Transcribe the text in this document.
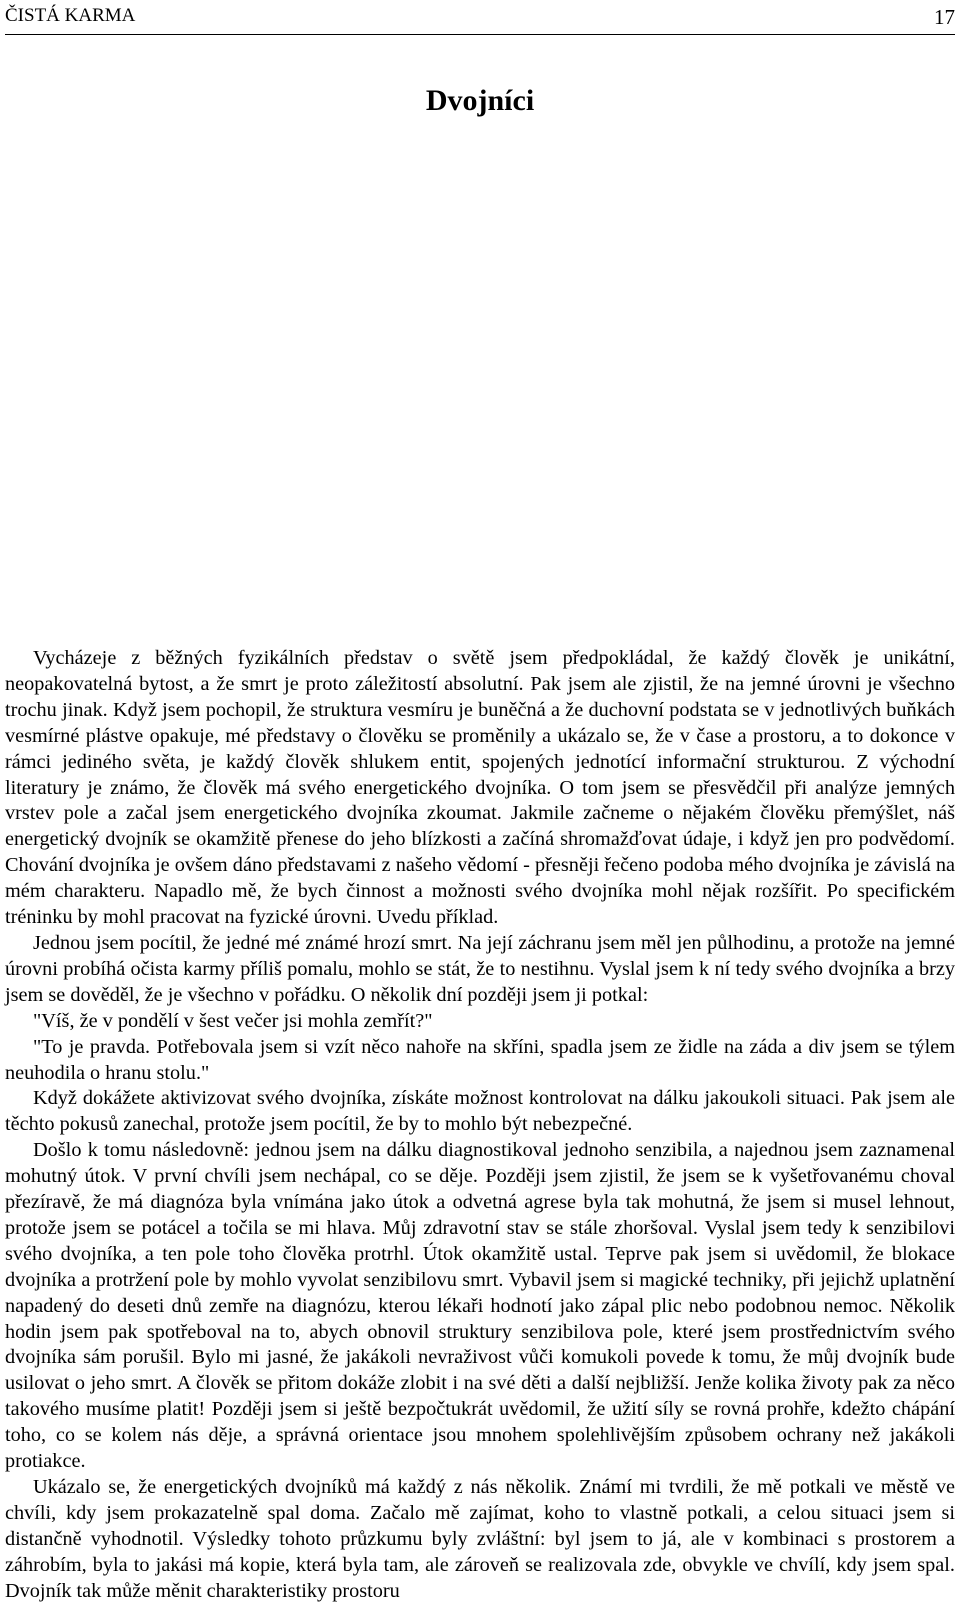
ČISTÁ KARMA	17
Dvojníci

Vycházeje z běžných fyzikálních představ o světě jsem předpokládal, že každý člověk je unikátní, neopakovatelná bytost, a že smrt je proto záležitostí absolutní. Pak jsem ale zjistil, že na jemné úrovni je všechno trochu jinak. Když jsem pochopil, že struktura vesmíru je buněčná a že duchovní podstata se v jednotlivých buňkách vesmírné plástve opakuje, mé představy o člověku se proměnily a ukázalo se, že v čase a prostoru, a to dokonce v rámci jediného světa, je každý člověk shlukem entit, spojených jednotící informační strukturou. Z východní literatury je známo, že člověk má svého energetického dvojníka. O tom jsem se přesvědčil při analýze jemných vrstev pole a začal jsem energetického dvojníka zkoumat. Jakmile začneme o nějakém člověku přemýšlet, náš energetický dvojník se okamžitě přenese do jeho blízkosti a začíná shromažďovat údaje, i když jen pro podvědomí. Chování dvojníka je ovšem dáno představami z našeho vědomí - přesněji řečeno podoba mého dvojníka je závislá na mém charakteru. Napadlo mě, že bych činnost a možnosti svého dvojníka mohl nějak rozšířit. Po specifickém tréninku by mohl pracovat na fyzické úrovni. Uvedu příklad.

Jednou jsem pocítil, že jedné mé známé hrozí smrt. Na její záchranu jsem měl jen půlhodinu, a protože na jemné úrovni probíhá očista karmy příliš pomalu, mohlo se stát, že to nestihnu. Vyslal jsem k ní tedy svého dvojníka a brzy jsem se dověděl, že je všechno v pořádku. O několik dní později jsem ji potkal:

"Víš, že v pondělí v šest večer jsi mohla zemřít?"

"To je pravda. Potřebovala jsem si vzít něco nahoře na skříni, spadla jsem ze židle na záda a div jsem se týlem neuhodila o hranu stolu."

Když dokážete aktivizovat svého dvojníka, získáte možnost kontrolovat na dálku jakoukoli situaci. Pak jsem ale těchto pokusů zanechal, protože jsem pocítil, že by to mohlo být nebezpečné.

Došlo k tomu následovně: jednou jsem na dálku diagnostikoval jednoho senzibila, a najednou jsem zaznamenal mohutný útok. V první chvíli jsem nechápal, co se děje. Později jsem zjistil, že jsem se k vyšetřovanému choval přezíravě, že má diagnóza byla vnímána jako útok a odvetná agrese byla tak mohutná, že jsem si musel lehnout, protože jsem se potácel a točila se mi hlava. Můj zdravotní stav se stále zhoršoval. Vyslal jsem tedy k senzibilovi svého dvojníka, a ten pole toho člověka protrhl. Útok okamžitě ustal. Teprve pak jsem si uvědomil, že blokace dvojníka a protržení pole by mohlo vyvolat senzibilovu smrt. Vybavil jsem si magické techniky, při jejichž uplatnění napadený do deseti dnů zemře na diagnózu, kterou lékaři hodnotí jako zápal plic nebo podobnou nemoc. Několik hodin jsem pak spotřeboval na to, abych obnovil struktury senzibilova pole, které jsem prostřednictvím svého dvojníka sám porušil. Bylo mi jasné, že jakákoli nevraživost vůči komukoli povede k tomu, že můj dvojník bude usilovat o jeho smrt. A člověk se přitom dokáže zlobit i na své děti a další nejbližší. Jenže kolika životy pak za něco takového musíme platit! Později jsem si ještě bezpočtukrát uvědomil, že užití síly se rovná prohře, kdežto chápání toho, co se kolem nás děje, a správná orientace jsou mnohem spolehlivějším způsobem ochrany než jakákoli protiakce.

Ukázalo se, že energetických dvojníků má každý z nás několik. Známí mi tvrdili, že mě potkali ve městě ve chvíli, kdy jsem prokazatelně spal doma. Začalo mě zajímat, koho to vlastně potkali, a celou situaci jsem si distančně vyhodnotil. Výsledky tohoto průzkumu byly zvláštní: byl jsem to já, ale v kombinaci s prostorem a záhrobím, byla to jakási má kopie, která byla tam, ale zároveň se realizovala zde, obvykle ve chvílí, kdy jsem spal. Dvojník tak může měnit charakteristiky prostoru
